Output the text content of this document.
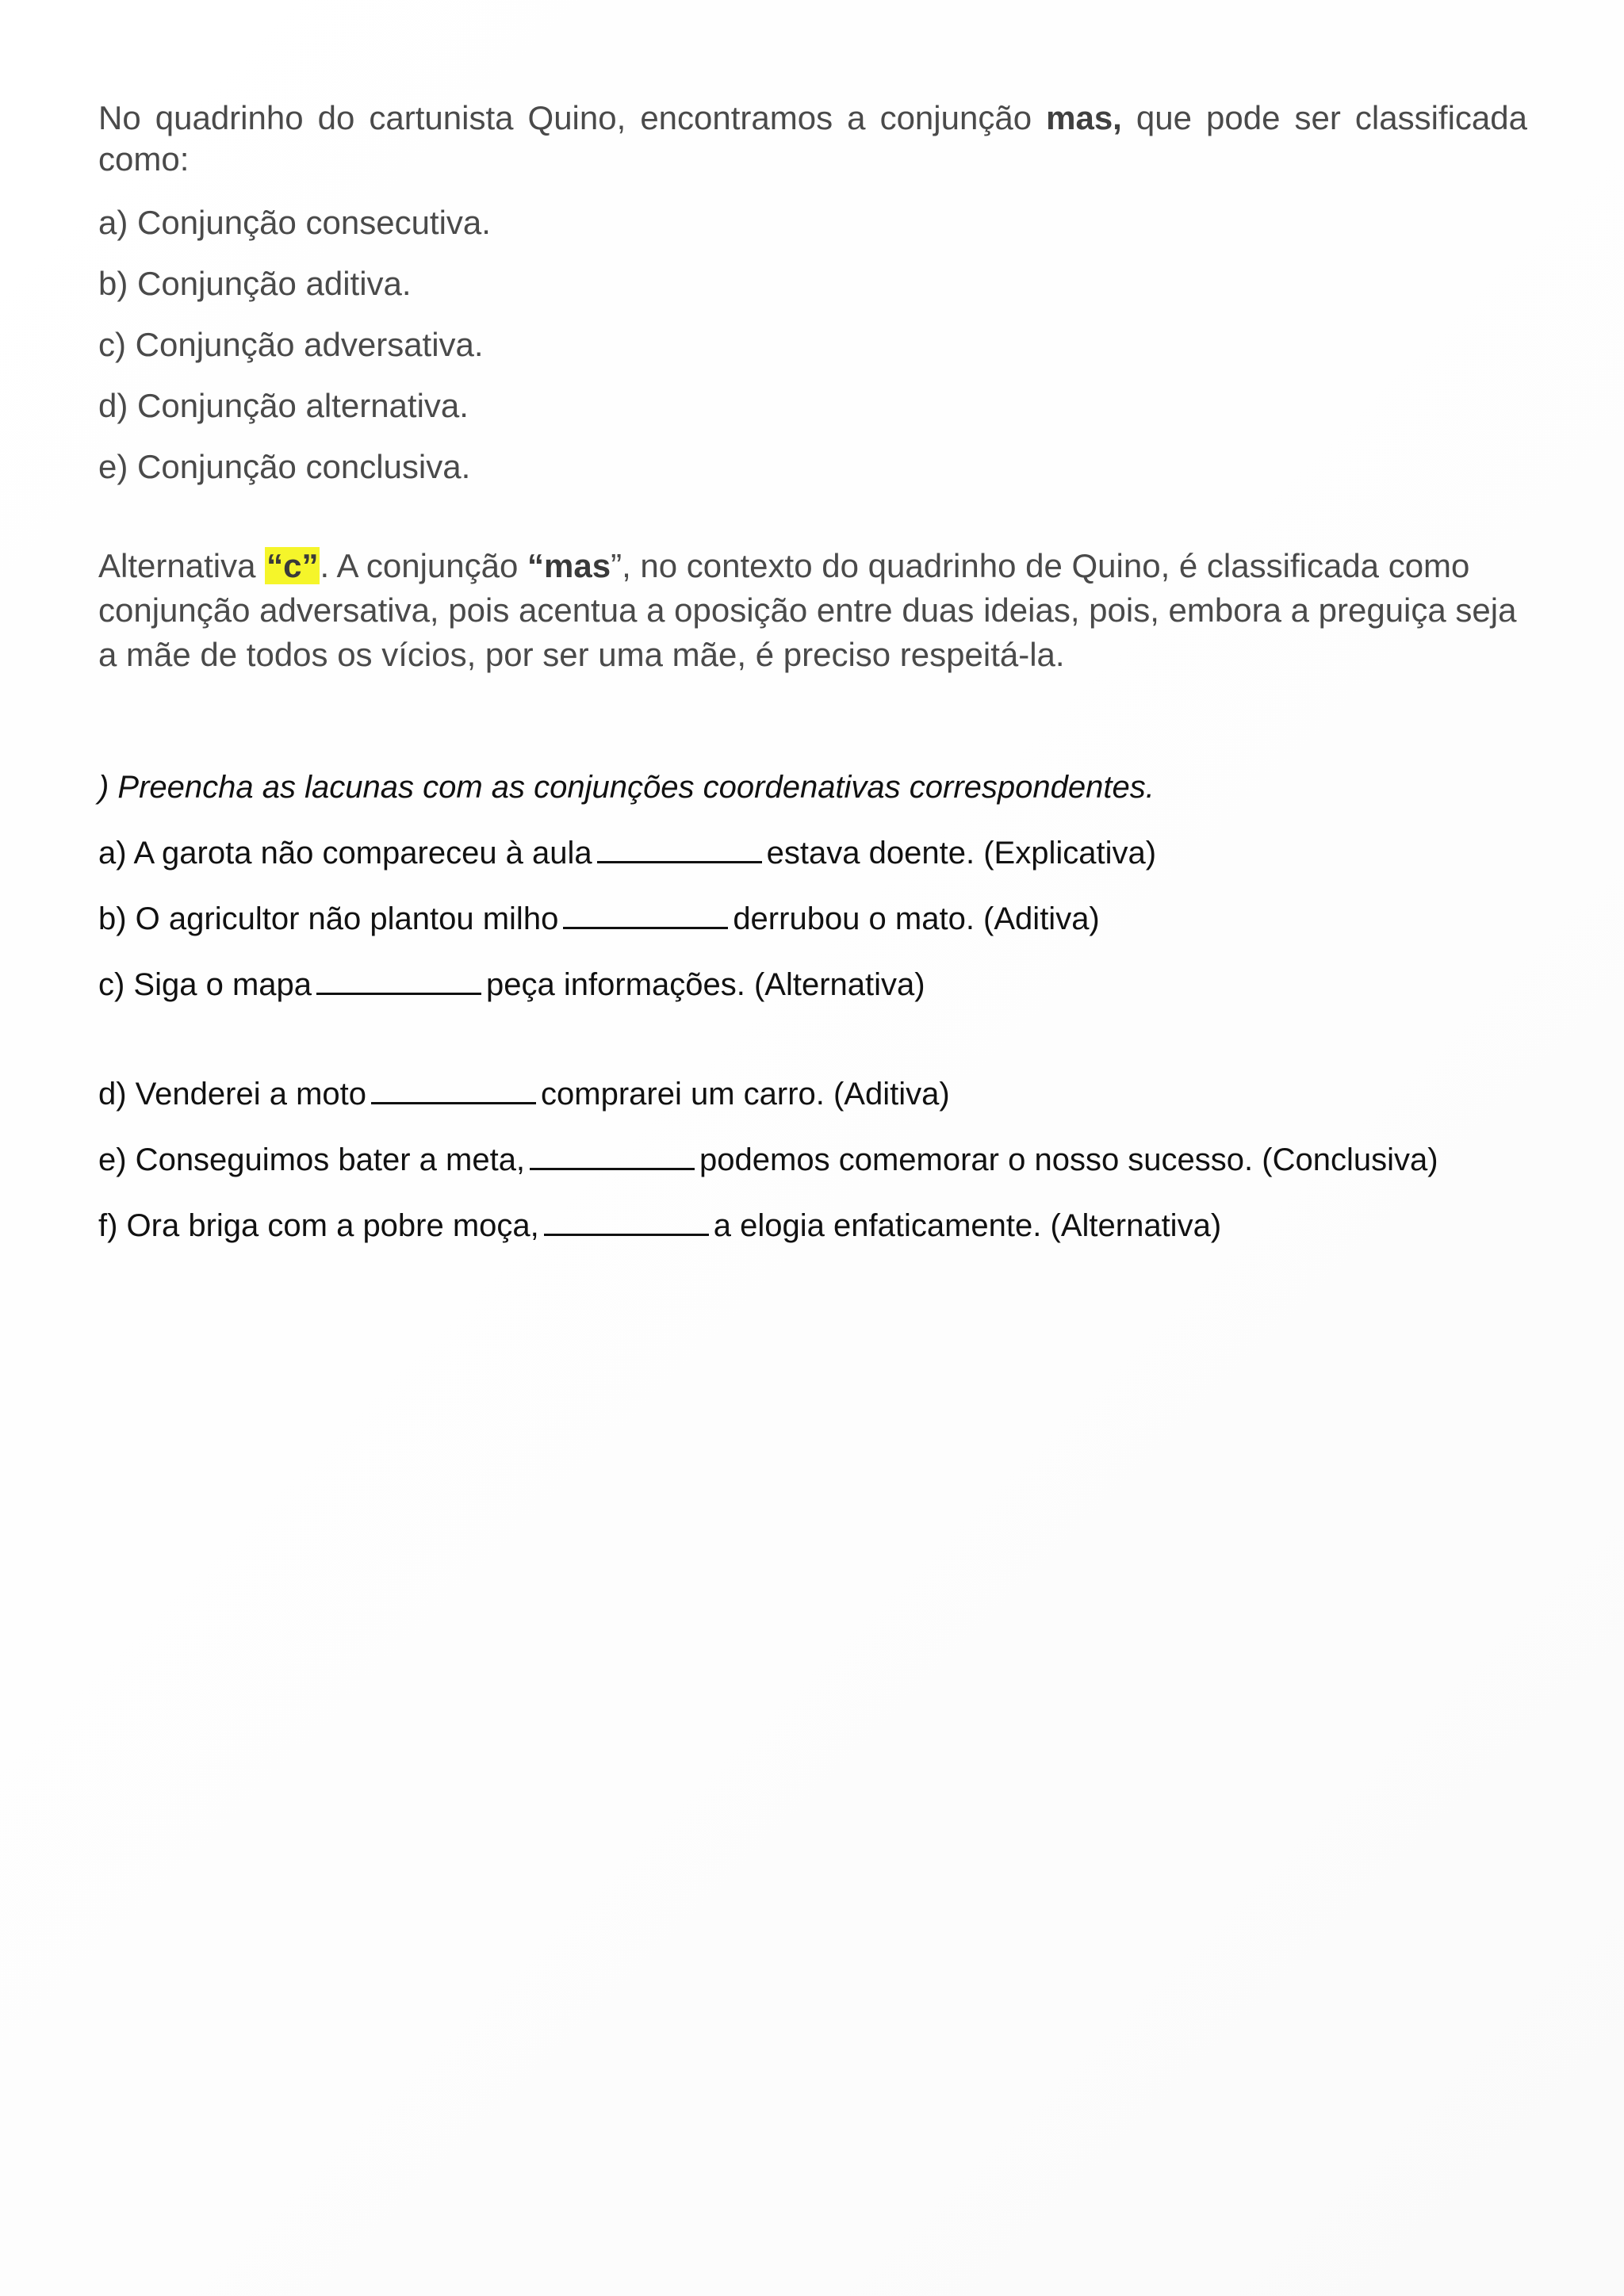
No quadrinho do cartunista Quino, encontramos a conjunção mas, que pode ser classificada como:
a) Conjunção consecutiva.
b) Conjunção aditiva.
c) Conjunção adversativa.
d) Conjunção alternativa.
e) Conjunção conclusiva.
Alternativa “c”. A conjunção “mas”, no contexto do quadrinho de Quino, é classificada como conjunção adversativa, pois acentua a oposição entre duas ideias, pois, embora a preguiça seja a mãe de todos os vícios, por ser uma mãe, é preciso respeitá-la.
) Preencha as lacunas com as conjunções coordenativas correspondentes.
a) A garota não compareceu à aula	estava doente. (Explicativa)
b) O agricultor não plantou milho	derrubou o mato. (Aditiva)
c) Siga o mapa	peça informações. (Alternativa)
d) Venderei a moto	comprarei um carro. (Aditiva)
e) Conseguimos bater a meta,	podemos comemorar o nosso sucesso. (Conclusiva)
f) Ora briga com a pobre moça,	a elogia enfaticamente. (Alternativa)
